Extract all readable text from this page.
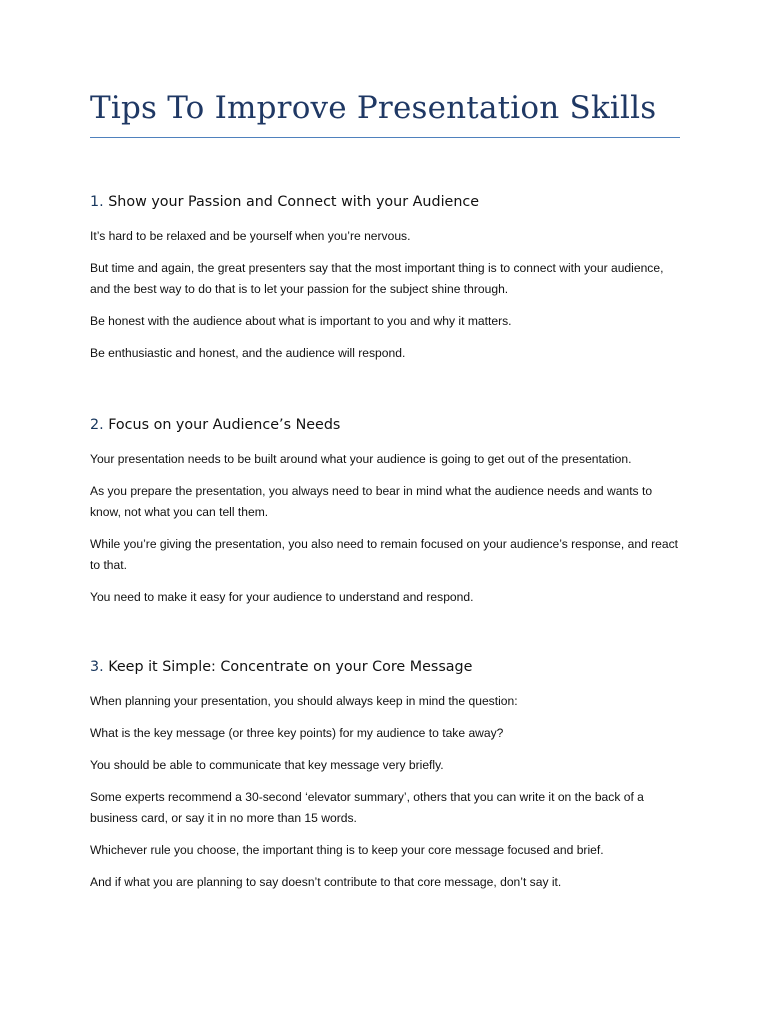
Tips To Improve Presentation Skills
1. Show your Passion and Connect with your Audience

It’s hard to be relaxed and be yourself when you’re nervous.

But time and again, the great presenters say that the most important thing is to connect with your audience, and the best way to do that is to let your passion for the subject shine through.

Be honest with the audience about what is important to you and why it matters.

Be enthusiastic and honest, and the audience will respond.

2. Focus on your Audience’s Needs

Your presentation needs to be built around what your audience is going to get out of the presentation.

As you prepare the presentation, you always need to bear in mind what the audience needs and wants to know, not what you can tell them.

While you’re giving the presentation, you also need to remain focused on your audience’s response, and react to that.

You need to make it easy for your audience to understand and respond.

3. Keep it Simple: Concentrate on your Core Message

When planning your presentation, you should always keep in mind the question:

What is the key message (or three key points) for my audience to take away?

You should be able to communicate that key message very briefly.

Some experts recommend a 30-second ‘elevator summary’, others that you can write it on the back of a business card, or say it in no more than 15 words.

Whichever rule you choose, the important thing is to keep your core message focused and brief.

And if what you are planning to say doesn’t contribute to that core message, don’t say it.
